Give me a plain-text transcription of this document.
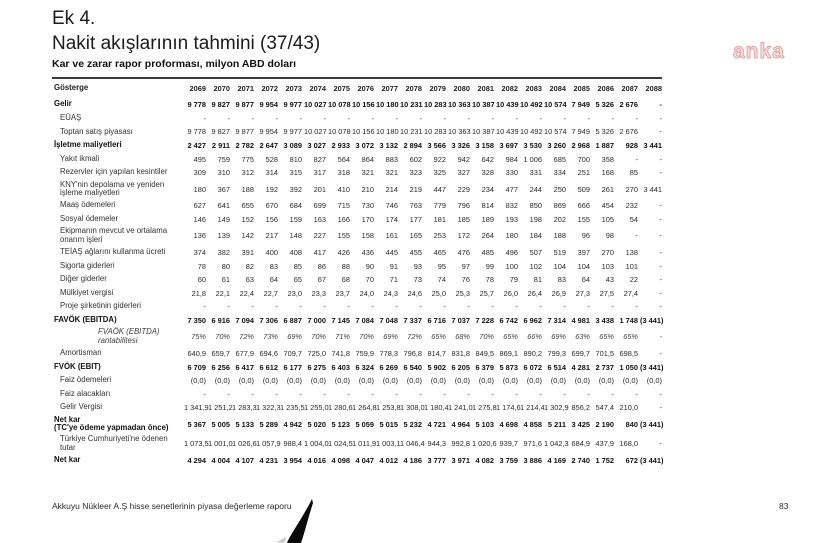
Ek 4.
Nakit akışlarının tahmini (37/43)	anka
Kar ve zarar rapor proforması, milyon ABD doları
Gösterge	2069	2070	2071	2072	2073	2074	2075	2076	2077	2078	2079	2080	2081	2082	2083	2084	2085	2086	2087	2088

Gelir	9 778	9 827	9 877	9 954	9 977	10 027	10 078	10 156	10 180	10 231	10 283	10 363	10 387	10 439	10 492	10 574	7 949	5 326	2 676	-

EÜAŞ	-	-	-	-	-	-	-	-	-	-	-	-	-	-	-	-	-	-	-	-

Toptan satış piyasası	9 778	9 827	9 877	9 954	9 977	10 027	10 078	10 156	10 180	10 231	10 283	10 363	10 387	10 439	10 492	10 574	7 949	5 326	2 676	-

İşletme maliyetleri	2 427	2 911	2 782	2 647	3 089	3 027	2 933	3 072	3 132	2 894	3 566	3 326	3 158	3 697	3 530	3 260	2 968	1 887	928	3 441

Yakıt ikmali	495	759	775	528	810	827	564	864	883	602	922	942	642	984	1 006	685	700	358	-	-

Rezervler için yapılan kesintiler	309	310	312	314	315	317	318	321	321	323	325	327	328	330	331	334	251	168	85	-

KNY'nin depolama ve yeniden
işleme maliyetleri	180	367	188	192	392	201	410	210	214	219	447	229	234	477	244	250	509	261	270	3 441

Maaş ödemeleri	627	641	655	670	684	699	715	730	746	763	779	796	814	832	850	869	666	454	232	-

Sosyal ödemeler	146	149	152	156	159	163	166	170	174	177	181	185	189	193	198	202	155	105	54	-

Ekipmanın mevcut ve ortalama
onarım işleri	136	139	142	217	148	227	155	158	161	165	253	172	264	180	184	188	96	98	-	-

TEİAŞ ağlarını kullanma ücreti	374	382	391	400	408	417	426	436	445	455	465	476	485	496	507	519	397	270	138	-

Sigorta giderleri	78	80	82	83	85	86	88	90	91	93	95	97	99	100	102	104	104	103	101	-

Diğer giderler	60	61	63	64	65	67	68	70	71	73	74	76	78	79	81	83	64	43	22	-

Mülkiyet vergisi	21,8	22,1	22,4	22,7	23,0	23,3	23,7	24,0	24,3	24,6	25,0	25,3	25,7	26,0	26,4	26,9	27,3	27,5	27,4	-

Proje şirketinin giderleri	-	-	-	-	-	-	-	-	-	-	-	-	-	-	-	-	-	-	-	-

FAVÖK (EBITDA)	7 350	6 916	7 094	7 306	6 887	7 000	7 145	7 084	7 048	7 337	6 716	7 037	7 228	6 742	6 962	7 314	4 981	3 438	1 748	(3 441)

FVAÖK (EBITDA) rantabilitesi	75%	70%	72%	73%	69%	70%	71%	70%	69%	72%	65%	68%	70%	65%	66%	69%	63%	65%	65%	-

Amortisman	640,9	659,7	677,9	694,6	709,7	725,0	741,8	759,9	778,3	796,8	814,7	831,8	849,5	869,1	890,2	799,3	699,7	701,5	698,5	-

FVÖK (EBIT)	6 709	6 256	6 417	6 612	6 177	6 275	6 403	6 324	6 269	6 540	5 902	6 205	6 379	5 873	6 072	6 514	4 281	2 737	1 050	(3 441)

Faiz ödemeleri	(0,0)	(0,0)	(0,0)	(0,0)	(0,0)	(0,0)	(0,0)	(0,0)	(0,0)	(0,0)	(0,0)	(0,0)	(0,0)	(0,0)	(0,0)	(0,0)	(0,0)	(0,0)	(0,0)	(0,0)

Faiz alacakları	-	-	-	-	-	-	-	-	-	-	-	-	-	-	-	-	-	-	-	-

Gelir Vergisi	1 341,9	1 251,2	1 283,3	1 322,3	1 235,5	1 255,0	1 280,6	1 264,8	1 253,8	1 308,0	1 180,4	1 241,0	1 275,8	1 174,6	1 214,4	1 302,9	856,2	547,4	210,0	-

Net kar
(TC'ye ödeme yapmadan önce)	5 367	5 005	5 133	5 289	4 942	5 020	5 123	5 059	5 015	5 232	4 721	4 964	5 103	4 698	4 858	5 211	3 425	2 190	840	(3 441)

Türkiye Cumhuriyeti'ne ödenen tutar	1 073,5	1 001,0	1 026,6	1 057,9	988,4	1 004,0	1 024,5	1 011,9	1 003,1	1 046,4	944,3	992,8	1 020,6	939,7	971,6	1 042,3	684,9	437,9	168,0	-

Net kar	4 294	4 004	4 107	4 231	3 954	4 016	4 098	4 047	4 012	4 186	3 777	3 971	4 082	3 759	3 886	4 169	2 740	1 752	672	(3 441)
Akkuyu Nükleer A.Ş hisse senetlerinin piyasa değerleme raporu	83
